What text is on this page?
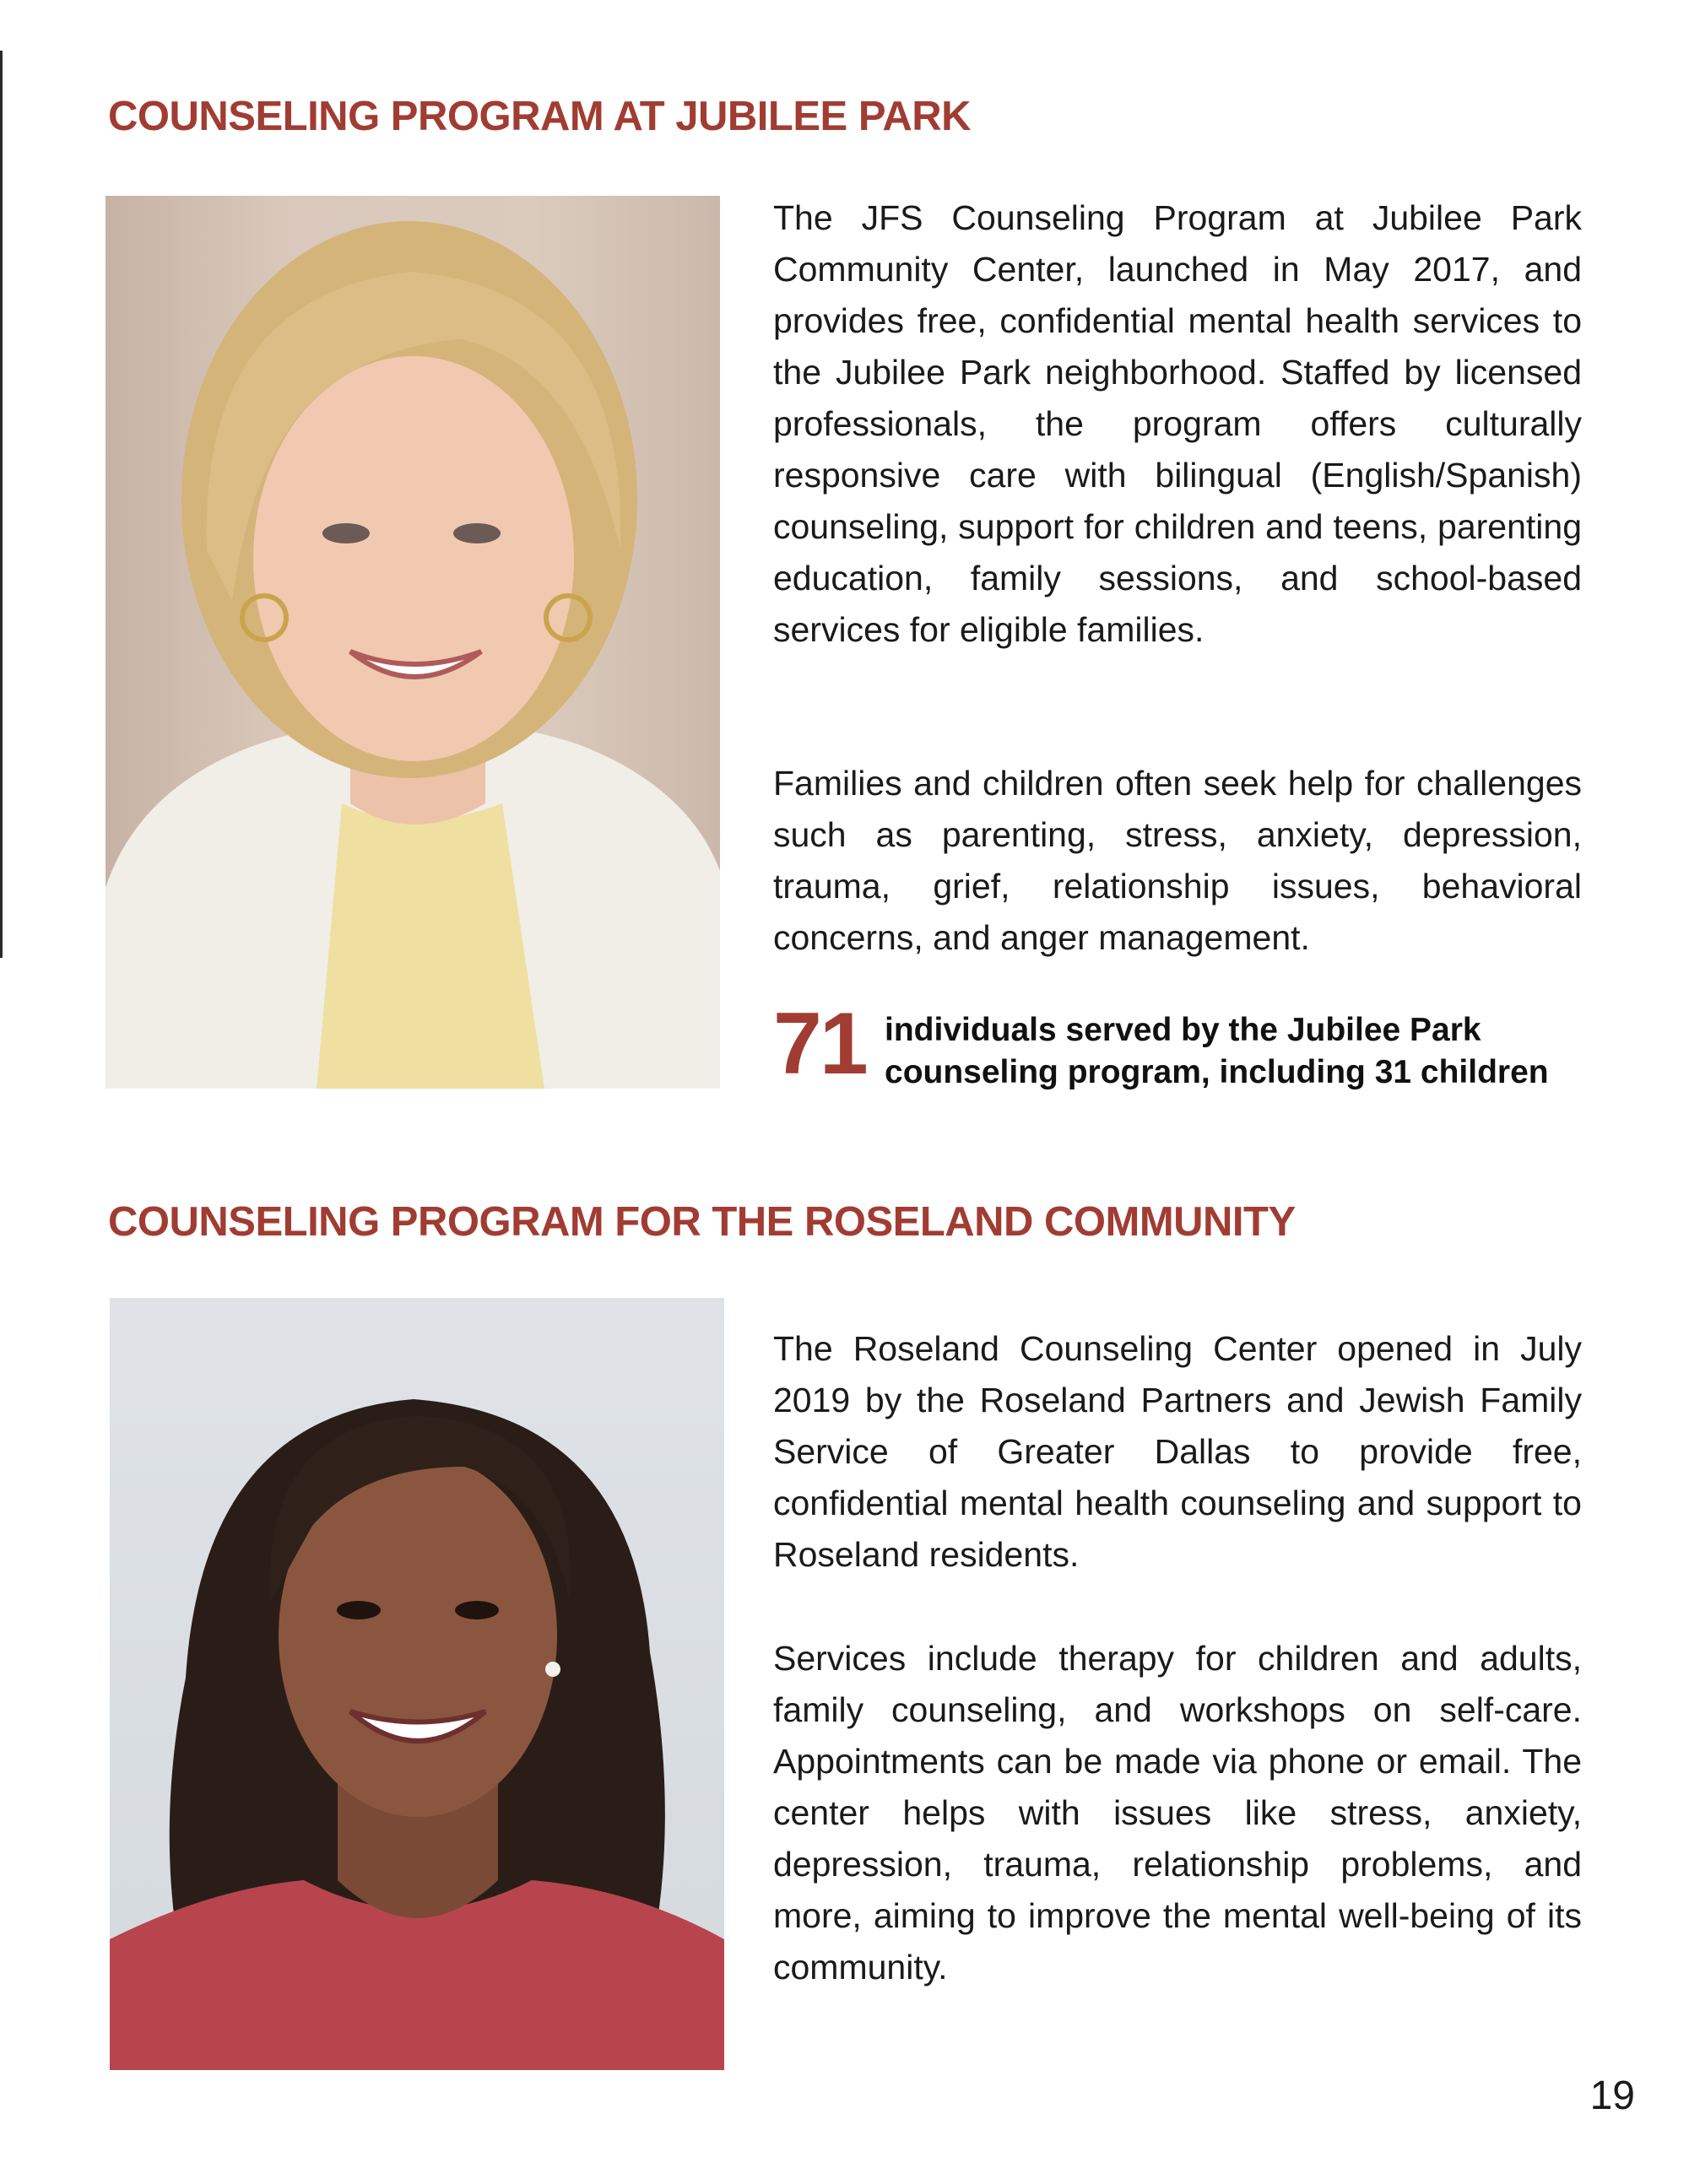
COUNSELING PROGRAM AT JUBILEE PARK

The JFS Counseling Program at Jubilee Park Community Center, launched in May 2017, and provides free, confidential mental health services to the Jubilee Park neighborhood. Staffed by licensed professionals, the program offers culturally responsive care with bilingual (English/Spanish) counseling, support for children and teens, parenting education, family sessions, and school-based services for eligible families.

Families and children often seek help for challenges such as parenting, stress, anxiety, depression, trauma, grief, relationship issues, behavioral concerns, and anger management.

71 individuals served by the Jubilee Park
counseling program, including 31 children
COUNSELING PROGRAM FOR THE ROSELAND COMMUNITY

The Roseland Counseling Center opened in July 2019 by the Roseland Partners and Jewish Family Service of Greater Dallas to provide free, confidential mental health counseling and support to Roseland residents.

Services include therapy for children and adults, family counseling, and workshops on self-care. Appointments can be made via phone or email. The center helps with issues like stress, anxiety, depression, trauma, relationship problems, and more, aiming to improve the mental well-being of its community.

19
